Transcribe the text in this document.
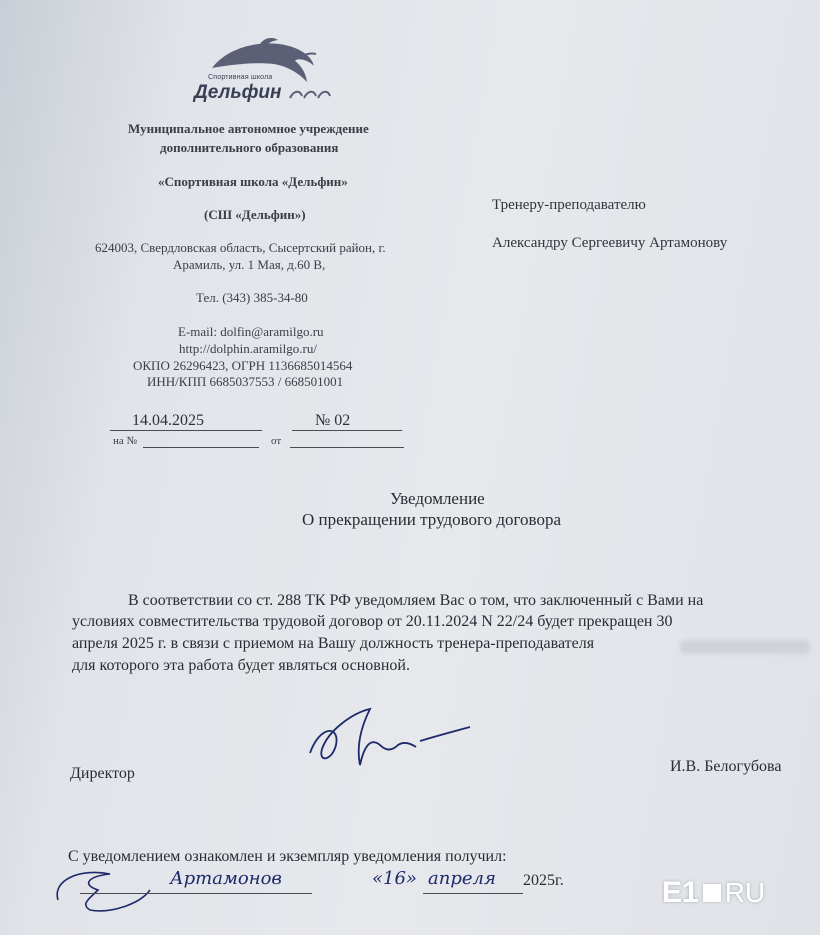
Спортивная школа
Дельфин
Муниципальное автономное учреждение
дополнительного образования
«Спортивная школа «Дельфин»
(СШ «Дельфин»)
624003, Свердловская область, Сысертский район, г.
Арамиль, ул. 1 Мая, д.60 В,
Тел. (343) 385-34-80
E-mail: dolfin@aramilgo.ru
http://dolphin.aramilgo.ru/
ОКПО 26296423, ОГРН 1136685014564
ИНН/КПП 6685037553 / 668501001
14.04.2025	№ 02
на №	от
Тренеру-преподавателю
Александру Сергеевичу Артамонову
Уведомление
О прекращении трудового договора
В соответствии со ст. 288 ТК РФ уведомляем Вас о том, что заключенный с Вами на
условиях совместительства трудовой договор от 20.11.2024 N 22/24 будет прекращен 30
апреля 2025 г. в связи с приемом на Вашу должность тренера-преподавателя
для которого эта работа будет являться основной.
Директор	И.В. Белогубова
С уведомлением ознакомлен и экземпляр уведомления получил:
Артамонов	«16» апреля 2025г.	E1 RU
